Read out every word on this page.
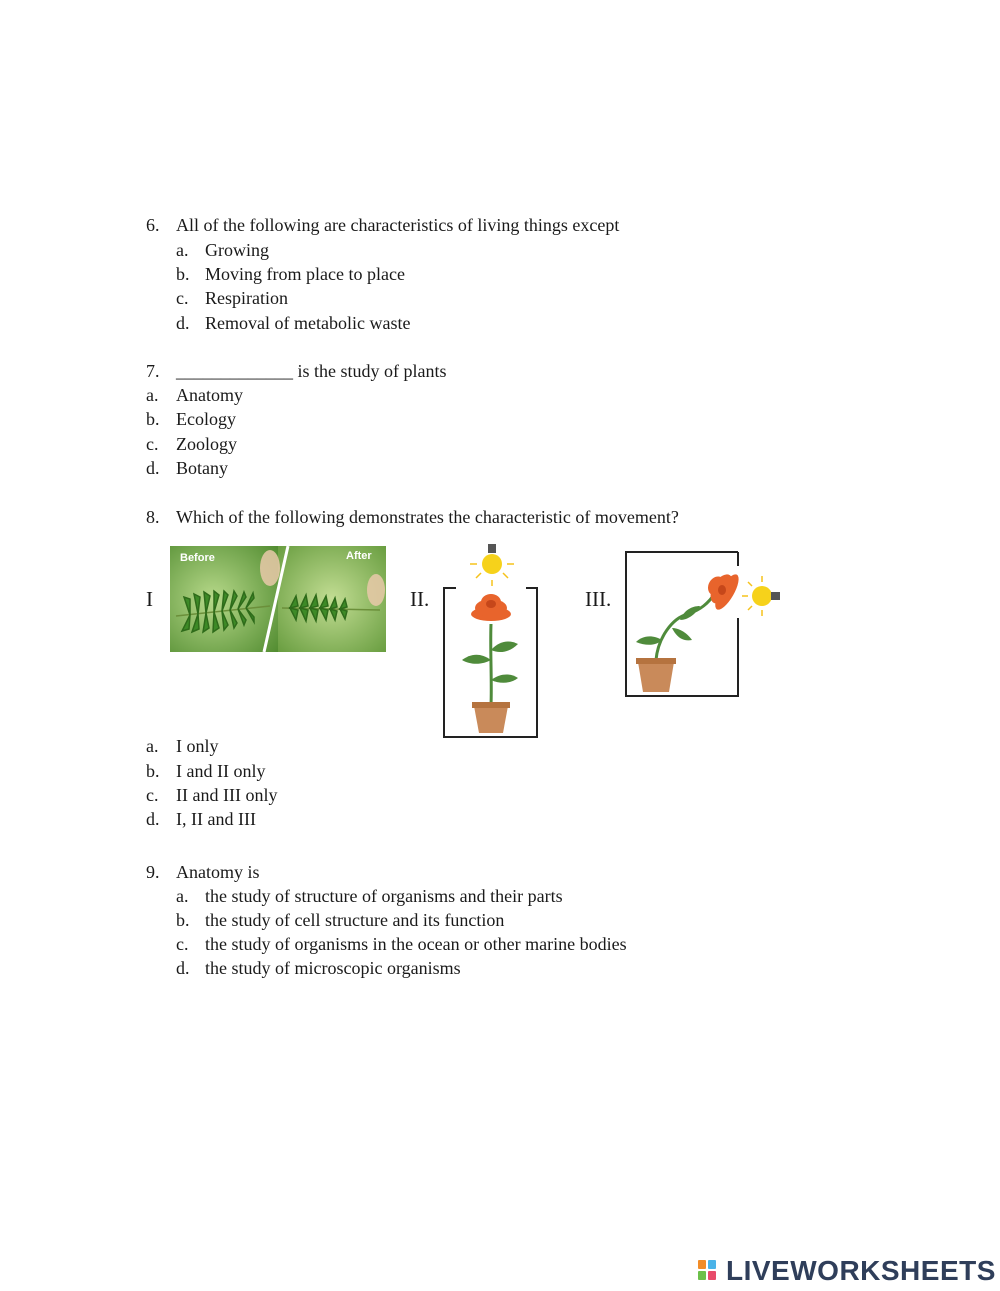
6. All of the following are characteristics of living things except
a. Growing
b. Moving from place to place
c. Respiration
d. Removal of metabolic waste
7. _____________ is the study of plants
a. Anatomy
b. Ecology
c. Zoology
d. Botany
8. Which of the following demonstrates the characteristic of movement?
I	II.	III.
Before	After
a. I only
b. I and II only
c. II and III only
d. I, II and III
9. Anatomy is
a. the study of structure of organisms and their parts
b. the study of cell structure and its function
c. the study of organisms in the ocean or other marine bodies
d. the study of microscopic organisms
LIVEWORKSHEETS
